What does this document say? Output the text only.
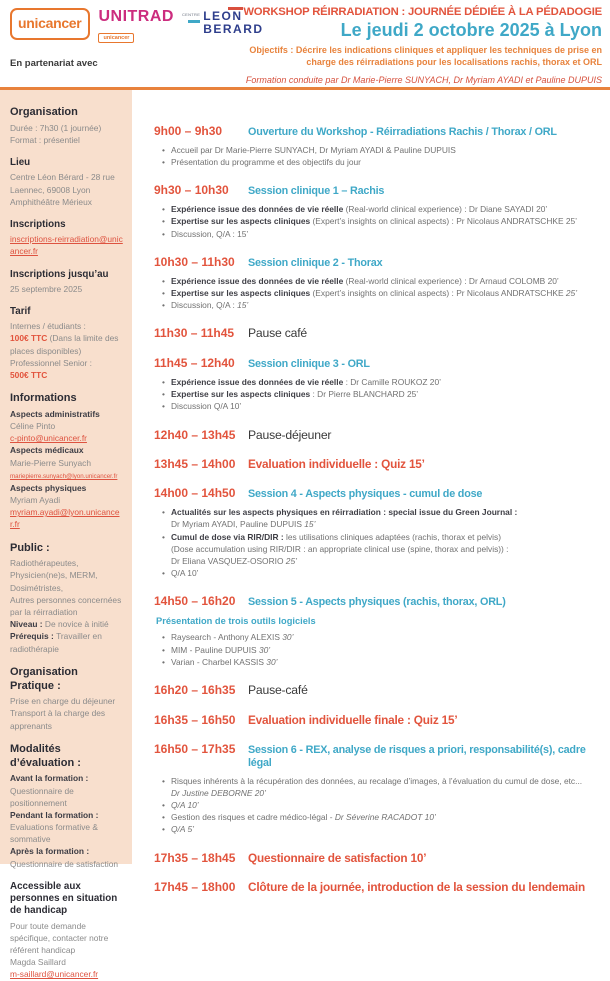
unicancer	UNITRAD
unicancer
CENTRE LEON
BERARD
En partenariat avec
WORKSHOP RÉIRRADIATION : JOURNÉE DÉDIÉE À LA PÉDADOGIE
Le jeudi 2 octobre 2025 à Lyon
Objectifs : Décrire les indications cliniques et appliquer les techniques de prise en charge des réirradiations pour les localisations rachis, thorax et ORL
Formation conduite par Dr Marie-Pierre SUNYACH, Dr Myriam AYADI et Pauline DUPUIS
Organisation
Durée : 7h30 (1 journée)
Format : présentiel
Lieu
Centre Léon Bérard - 28 rue Laennec, 69008 Lyon
Amphithéâtre Mérieux
Inscriptions
inscriptions-reirradiation@unicancer.fr
Inscriptions jusqu’au
25 septembre 2025
Tarif
Internes / étudiants :
100€ TTC (Dans la limite des places disponibles)
Professionnel Senior :
500€ TTC
Informations
Aspects administratifs
Céline Pinto
c-pinto@unicancer.fr
Aspects médicaux
Marie-Pierre Sunyach
mariepierre.sunyach@lyon.unicancer.fr
Aspects physiques
Myriam Ayadi
myriam.ayadi@lyon.unicancer.fr
Public :
Radiothérapeutes,
Physicien(ne)s, MERM,
Dosimétristes,
Autres personnes concernées par la réirradiation
Niveau : De novice à initié
Prérequis : Travailler en radiothérapie
Organisation Pratique :
Prise en charge du déjeuner
Transport à la charge des apprenants
Modalités d’évaluation :
Avant la formation :
Questionnaire de positionnement
Pendant la formation :
Evaluations formative & sommative
Après la formation :
Questionnaire de satisfaction
Accessible aux personnes en situation de handicap
Pour toute demande spécifique, contacter notre référent handicap
Magda Saillard
m-saillard@unicancer.fr
9h00 – 9h30	Ouverture du Workshop - Réirradiations Rachis / Thorax / ORL
• Accueil par Dr Marie-Pierre SUNYACH, Dr Myriam AYADI & Pauline DUPUIS
• Présentation du programme et des objectifs du jour
9h30 – 10h30	Session clinique 1 – Rachis
• Expérience issue des données de vie réelle (Real-world clinical experience) : Dr Diane SAYADI 20’
• Expertise sur les aspects cliniques (Expert’s insights on clinical aspects) : Pr Nicolaus ANDRATSCHKE 25’
• Discussion, Q/A : 15’
10h30 – 11h30 Session clinique 2 - Thorax
• Expérience issue des données de vie réelle (Real-world clinical experience) : Dr Arnaud COLOMB 20’
• Expertise sur les aspects cliniques (Expert’s insights on clinical aspects) : Pr Nicolaus ANDRATSCHKE 25’
• Discussion, Q/A : 15’
11h30 – 11h45 Pause café
11h45 – 12h40 Session clinique 3 - ORL
• Expérience issue des données de vie réelle : Dr Camille ROUKOZ 20’
• Expertise sur les aspects cliniques : Dr Pierre BLANCHARD 25’
• Discussion Q/A 10’
12h40 – 13h45 Pause-déjeuner
13h45 – 14h00 Evaluation individuelle : Quiz 15’
14h00 – 14h50 Session 4 - Aspects physiques - cumul de dose
• Actualités sur les aspects physiques en réirradiation : special issue du Green Journal :
Dr Myriam AYADI, Pauline DUPUIS 15’
• Cumul de dose via RIR/DIR : les utilisations cliniques adaptées (rachis, thorax et pelvis)
(Dose accumulation using RIR/DIR : an appropriate clinical use (spine, thorax and pelvis)) :
Dr Eliana VASQUEZ-OSORIO 25’
• Q/A 10’
14h50 – 16h20 Session 5 - Aspects physiques (rachis, thorax, ORL)
Présentation de trois outils logiciels
• Raysearch - Anthony ALEXIS 30’
• MIM - Pauline DUPUIS 30’
• Varian - Charbel KASSIS 30’
16h20 – 16h35 Pause-café
16h35 – 16h50 Evaluation individuelle finale : Quiz 15’
16h50 – 17h35 Session 6 - REX, analyse de risques a priori, responsabilité(s), cadre légal
• Risques inhérents à la récupération des données, au recalage d’images, à l’évaluation du cumul de dose, etc...
Dr Justine DEBORNE 20’
• Q/A 10’
• Gestion des risques et cadre médico-légal - Dr Séverine RACADOT 10’
• Q/A 5’
17h35 – 18h45 Questionnaire de satisfaction 10’
17h45 – 18h00 Clôture de la journée, introduction de la session du lendemain
